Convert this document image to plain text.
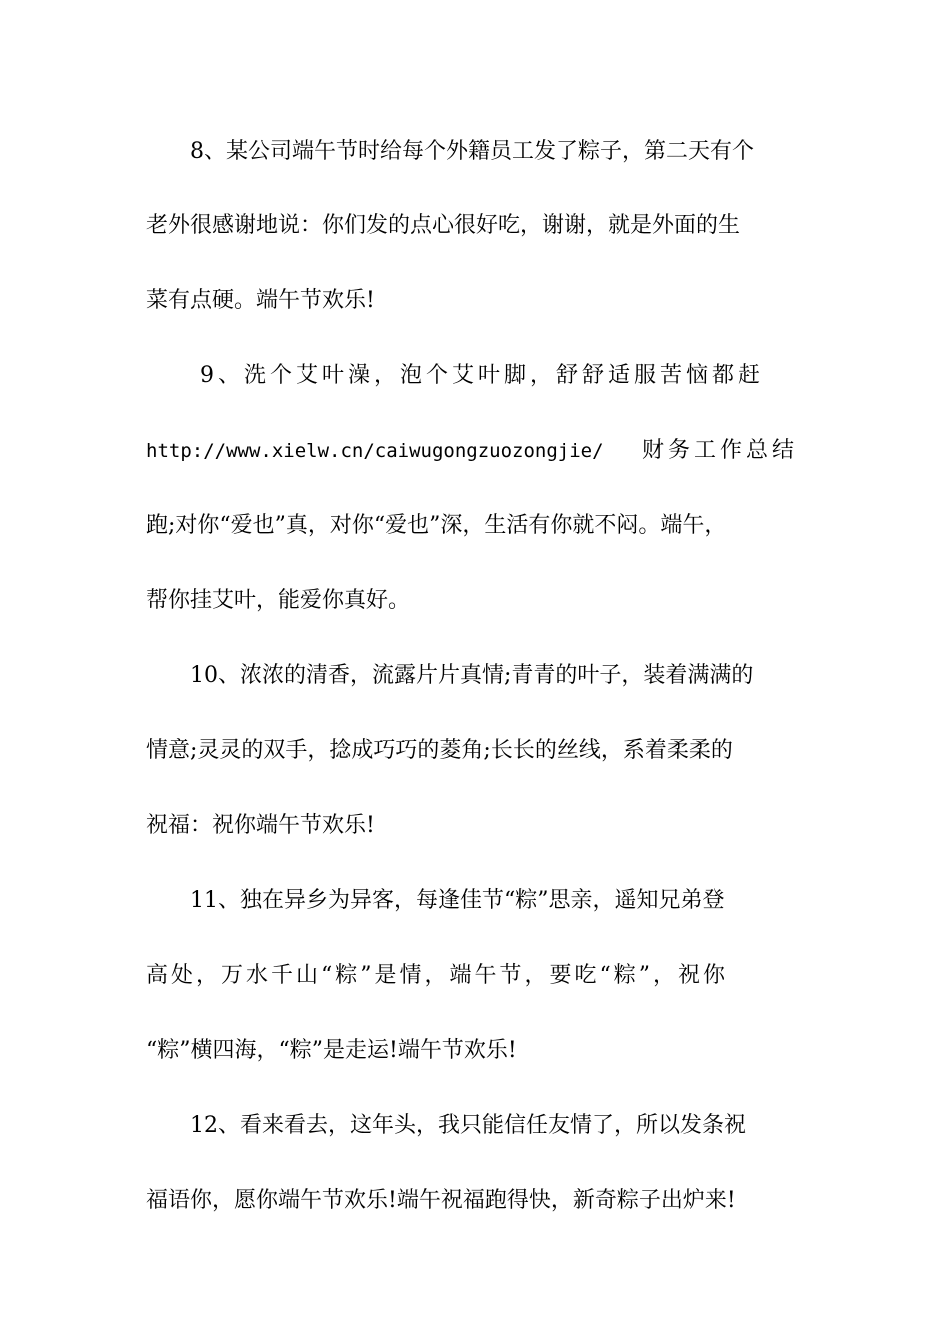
8、某公司端午节时给每个外籍员工发了粽子，第二天有个
老外很感谢地说：你们发的点心很好吃，谢谢，就是外面的生
菜有点硬。端午节欢乐!
9、洗个艾叶澡，泡个艾叶脚，舒舒适服苦恼都赶
http://www.xielw.cn/caiwugongzuozongjie/ 财务工作总结
跑;对你“爱也”真，对你“爱也”深，生活有你就不闷。端午，
帮你挂艾叶，能爱你真好。
10、浓浓的清香，流露片片真情;青青的叶子，装着满满的
情意;灵灵的双手，捻成巧巧的菱角;长长的丝线，系着柔柔的
祝福：祝你端午节欢乐!
11、独在异乡为异客，每逢佳节“粽”思亲，遥知兄弟登
高处，万水千山“粽”是情，端午节，要吃“粽”，祝你
“粽”横四海，“粽”是走运!端午节欢乐!
12、看来看去，这年头，我只能信任友情了，所以发条祝
福语你，愿你端午节欢乐!端午祝福跑得快，新奇粽子出炉来!
